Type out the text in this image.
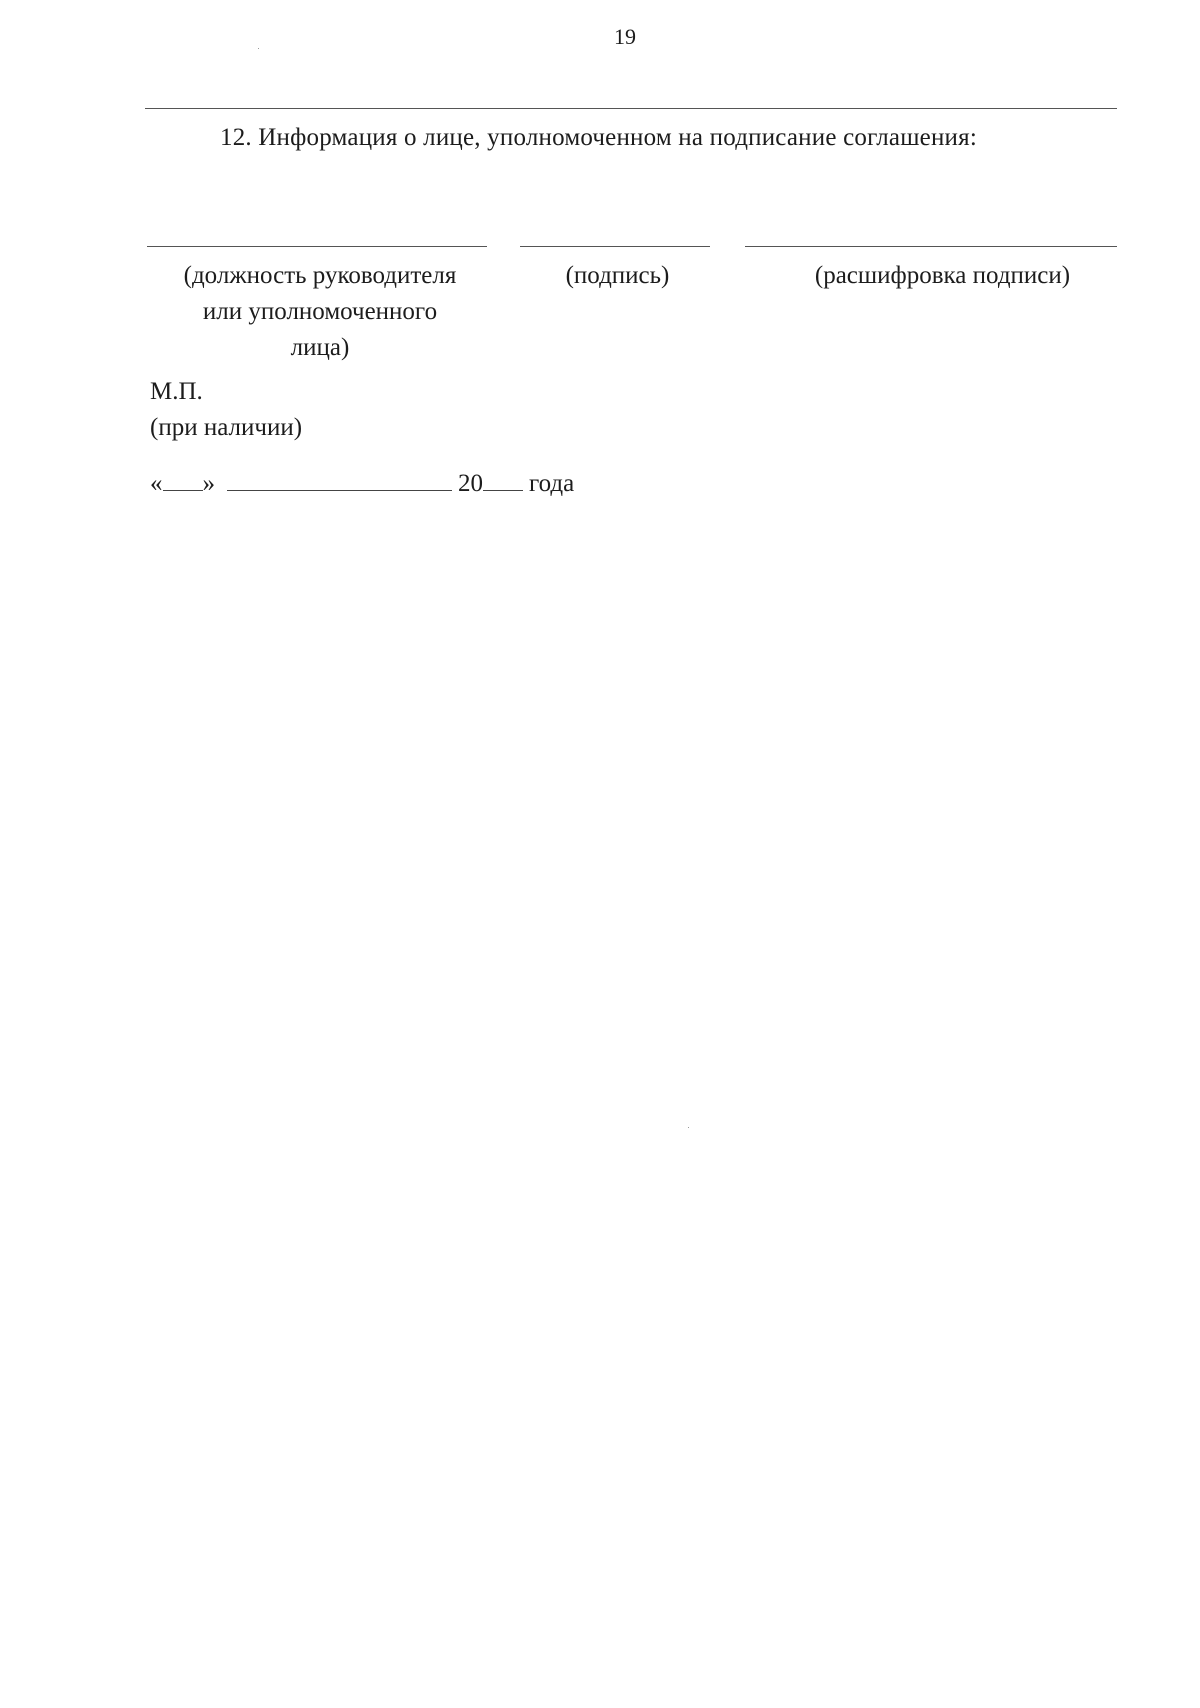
19
12. Информация о лице, уполномоченном на подписание соглашения:
(должность руководителя
или уполномоченного
лица)
(подпись)	(расшифровка подписи)
М.П.
(при наличии)
« »	20 года
